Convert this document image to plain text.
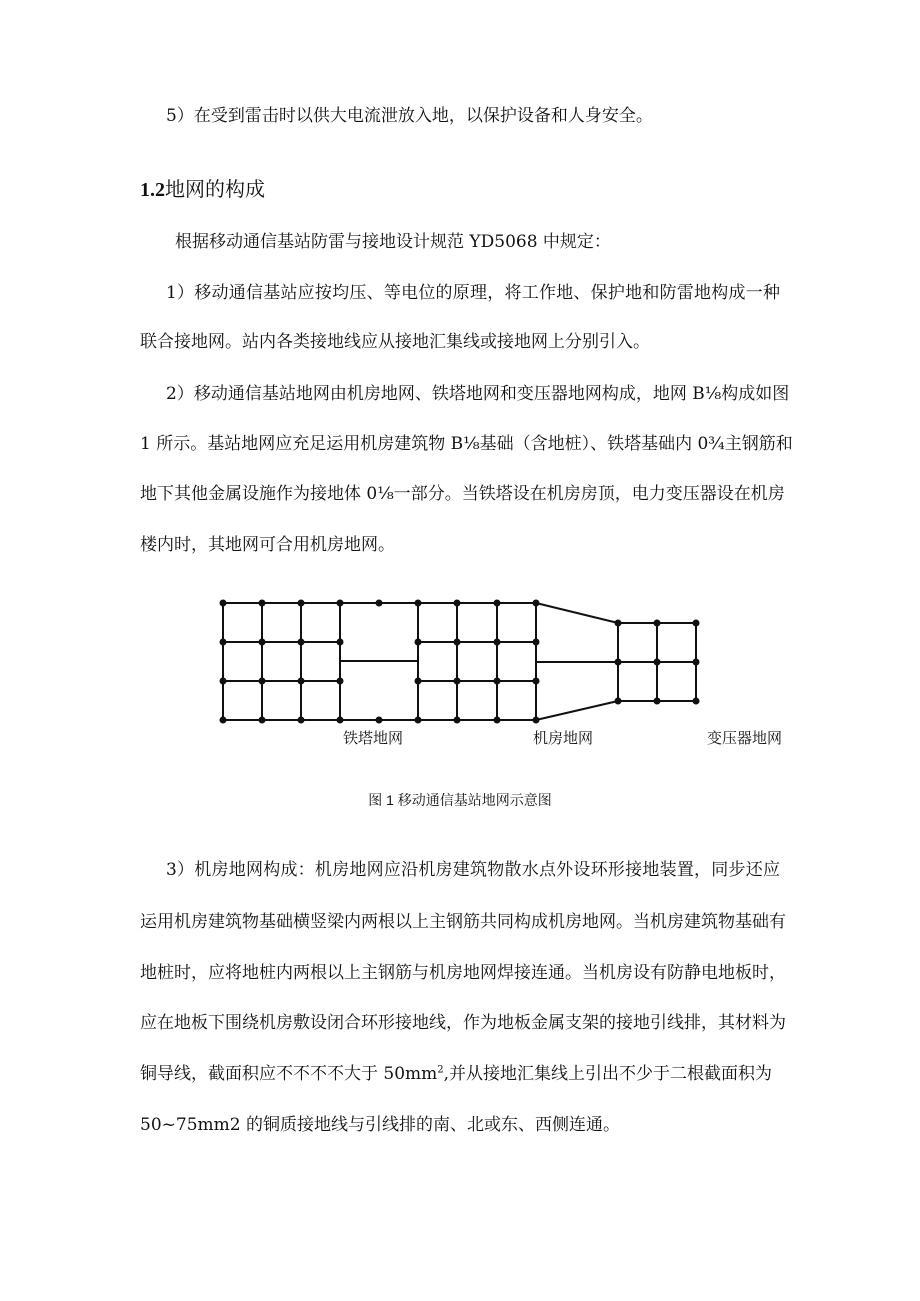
5）在受到雷击时以供大电流泄放入地，以保护设备和人身安全。
1.2地网的构成
根据移动通信基站防雷与接地设计规范 YD5068 中规定：
1）移动通信基站应按均压、等电位的原理，将工作地、保护地和防雷地构成一种
联合接地网。站内各类接地线应从接地汇集线或接地网上分别引入。
2）移动通信基站地网由机房地网、铁塔地网和变压器地网构成，地网 B⅛构成如图
1 所示。基站地网应充足运用机房建筑物 B⅛基础（含地桩）、铁塔基础内 0¾主钢筋和
地下其他金属设施作为接地体 0⅛一部分。当铁塔设在机房房顶，电力变压器设在机房
楼内时，其地网可合用机房地网。
铁塔地网	机房地网	变压器地网
图 1 移动通信基站地网示意图
3）机房地网构成：机房地网应沿机房建筑物散水点外设环形接地装置，同步还应
运用机房建筑物基础横竖梁内两根以上主钢筋共同构成机房地网。当机房建筑物基础有
地桩时，应将地桩内两根以上主钢筋与机房地网焊接连通。当机房设有防静电地板时，
应在地板下围绕机房敷设闭合环形接地线，作为地板金属支架的接地引线排，其材料为
铜导线，截面积应不不不不大于 $50mm^2$,并从接地汇集线上引出不少于二根截面积为
50~75mm2 的铜质接地线与引线排的南、北或东、西侧连通。
